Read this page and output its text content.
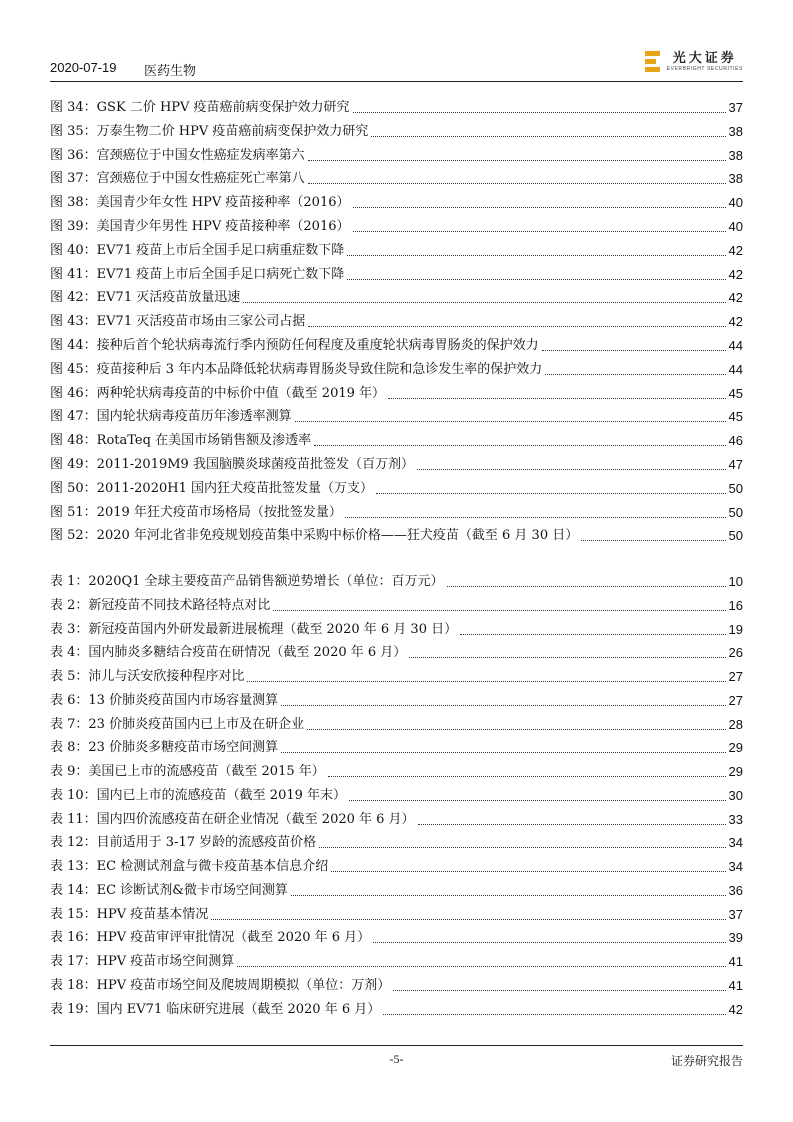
2020-07-19 医药生物
光大证券
EVERBRIGHT SECURITIES
图 34：GSK 二价 HPV 疫苗癌前病变保护效力研究	37
图 35：万泰生物二价 HPV 疫苗癌前病变保护效力研究	38
图 36：宫颈癌位于中国女性癌症发病率第六	38
图 37：宫颈癌位于中国女性癌症死亡率第八	38
图 38：美国青少年女性 HPV 疫苗接种率（2016）	40
图 39：美国青少年男性 HPV 疫苗接种率（2016）	40
图 40：EV71 疫苗上市后全国手足口病重症数下降	42
图 41：EV71 疫苗上市后全国手足口病死亡数下降	42
图 42：EV71 灭活疫苗放量迅速	42
图 43：EV71 灭活疫苗市场由三家公司占据	42
图 44：接种后首个轮状病毒流行季内预防任何程度及重度轮状病毒胃肠炎的保护效力	44
图 45：疫苗接种后 3 年内本品降低轮状病毒胃肠炎导致住院和急诊发生率的保护效力	44
图 46：两种轮状病毒疫苗的中标价中值（截至 2019 年）	45
图 47：国内轮状病毒疫苗历年渗透率测算	45
图 48：RotaTeq 在美国市场销售额及渗透率	46
图 49：2011-2019M9 我国脑膜炎球菌疫苗批签发（百万剂）	47
图 50：2011-2020H1 国内狂犬疫苗批签发量（万支）	50
图 51：2019 年狂犬疫苗市场格局（按批签发量）	50
图 52：2020 年河北省非免疫规划疫苗集中采购中标价格——狂犬疫苗（截至 6 月 30 日）	50
表 1：2020Q1 全球主要疫苗产品销售额逆势增长（单位：百万元）	10
表 2：新冠疫苗不同技术路径特点对比	16
表 3：新冠疫苗国内外研发最新进展梳理（截至 2020 年 6 月 30 日）	19
表 4：国内肺炎多糖结合疫苗在研情况（截至 2020 年 6 月）	26
表 5：沛儿与沃安欣接种程序对比	27
表 6：13 价肺炎疫苗国内市场容量测算	27
表 7：23 价肺炎疫苗国内已上市及在研企业	28
表 8：23 价肺炎多糖疫苗市场空间测算	29
表 9：美国已上市的流感疫苗（截至 2015 年）	29
表 10：国内已上市的流感疫苗（截至 2019 年末）	30
表 11：国内四价流感疫苗在研企业情况（截至 2020 年 6 月）	33
表 12：目前适用于 3-17 岁龄的流感疫苗价格	34
表 13：EC 检测试剂盒与微卡疫苗基本信息介绍	34
表 14：EC 诊断试剂&微卡市场空间测算	36
表 15：HPV 疫苗基本情况	37
表 16：HPV 疫苗审评审批情况（截至 2020 年 6 月）	39
表 17：HPV 疫苗市场空间测算	41
表 18：HPV 疫苗市场空间及爬坡周期模拟（单位：万剂）	41
表 19：国内 EV71 临床研究进展（截至 2020 年 6 月）	42
-5-	证券研究报告
